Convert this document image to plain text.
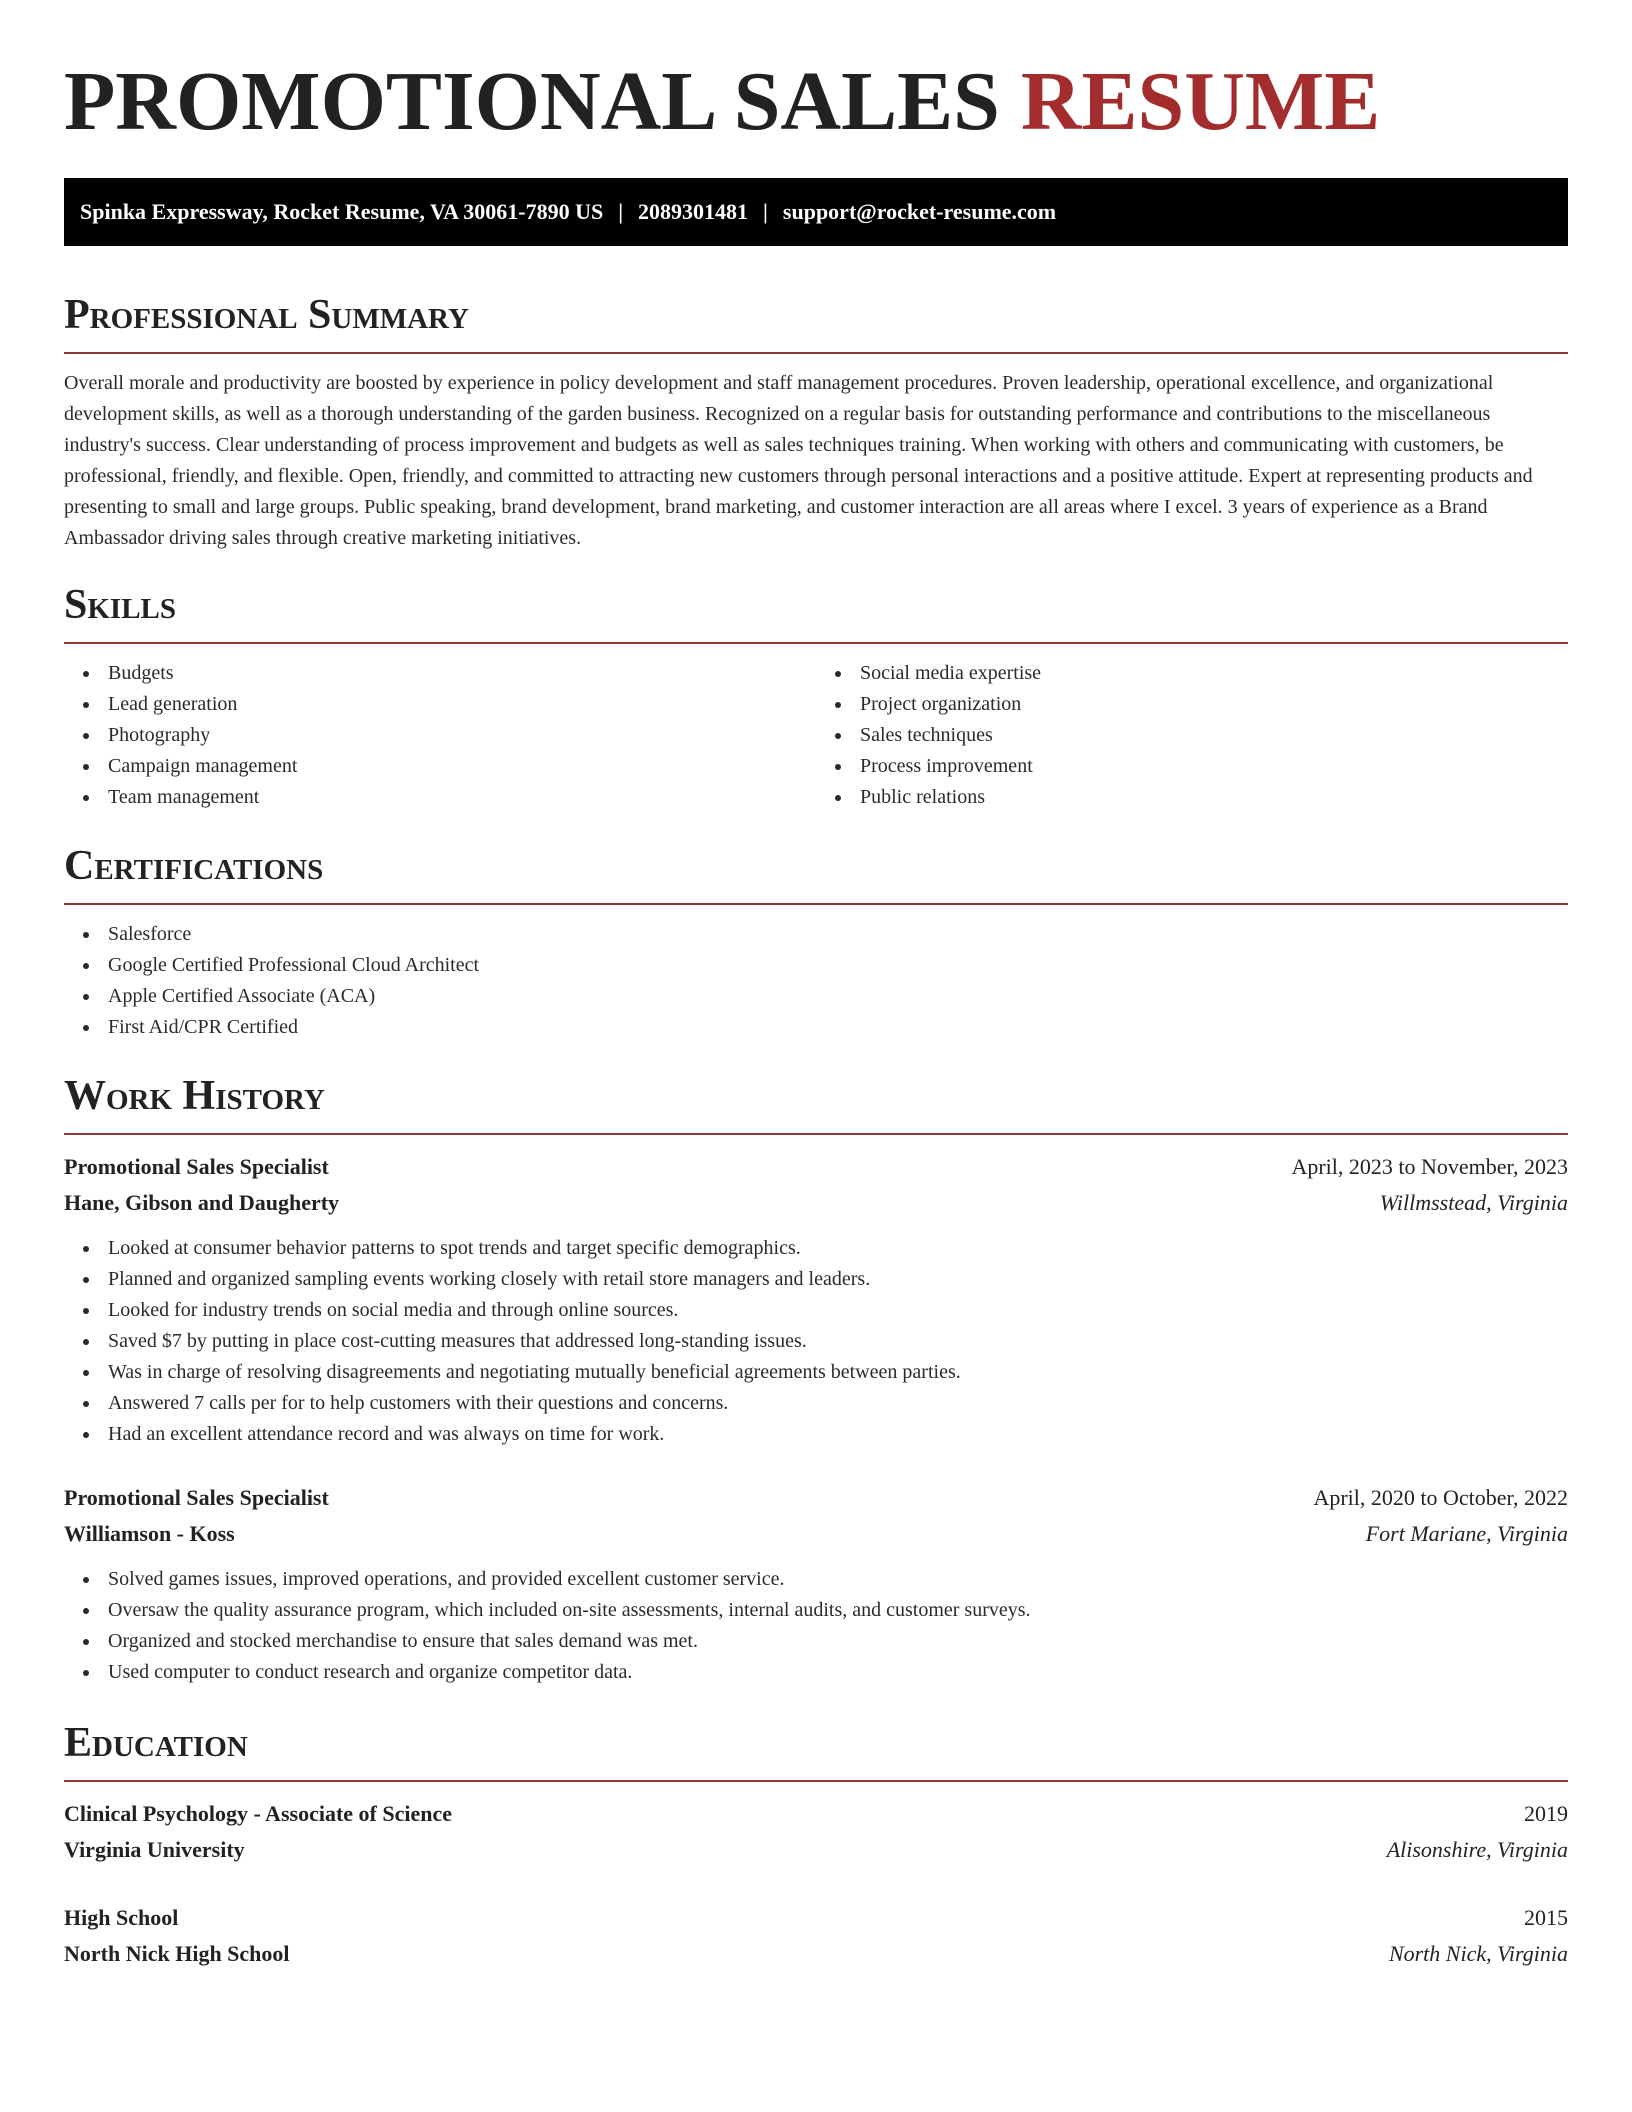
PROMOTIONAL SALES RESUME
Spinka Expressway, Rocket Resume, VA 30061-7890 US | 2089301481 | support@rocket-resume.com
Professional Summary

Overall morale and productivity are boosted by experience in policy development and staff management procedures. Proven leadership, operational excellence, and organizational development skills, as well as a thorough understanding of the garden business. Recognized on a regular basis for outstanding performance and contributions to the miscellaneous industry's success. Clear understanding of process improvement and budgets as well as sales techniques training. When working with others and communicating with customers, be professional, friendly, and flexible. Open, friendly, and committed to attracting new customers through personal interactions and a positive attitude. Expert at representing products and presenting to small and large groups. Public speaking, brand development, brand marketing, and customer interaction are all areas where I excel. 3 years of experience as a Brand Ambassador driving sales through creative marketing initiatives.

Skills
Budgets
Lead generation
Photography
Campaign management
Team management
Social media expertise
Project organization
Sales techniques
Process improvement
Public relations
Certifications
Salesforce
Google Certified Professional Cloud Architect
Apple Certified Associate (ACA)
First Aid/CPR Certified
Work History
Promotional Sales Specialist	April, 2023 to November, 2023
Hane, Gibson and Daugherty	Willmsstead, Virginia
Looked at consumer behavior patterns to spot trends and target specific demographics.
Planned and organized sampling events working closely with retail store managers and leaders.
Looked for industry trends on social media and through online sources.
Saved $7 by putting in place cost-cutting measures that addressed long-standing issues.
Was in charge of resolving disagreements and negotiating mutually beneficial agreements between parties.
Answered 7 calls per for to help customers with their questions and concerns.
Had an excellent attendance record and was always on time for work.
Promotional Sales Specialist	April, 2020 to October, 2022
Williamson - Koss	Fort Mariane, Virginia
Solved games issues, improved operations, and provided excellent customer service.
Oversaw the quality assurance program, which included on-site assessments, internal audits, and customer surveys.
Organized and stocked merchandise to ensure that sales demand was met.
Used computer to conduct research and organize competitor data.
Education
Clinical Psychology - Associate of Science	2019
Virginia University	Alisonshire, Virginia
High School	2015
North Nick High School	North Nick, Virginia
